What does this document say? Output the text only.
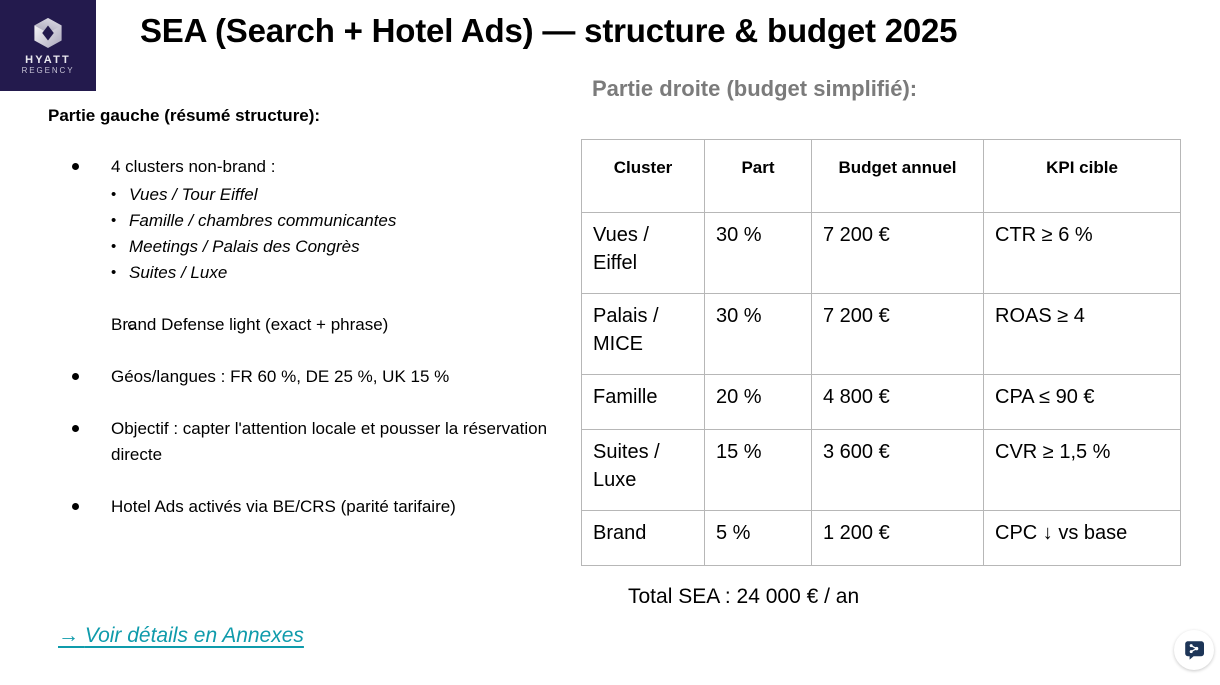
HYATT
REGENCY
SEA (Search + Hotel Ads) — structure & budget 2025
Partie gauche (résumé structure):
4 clusters non-brand :
• Vues / Tour Eiffel
• Famille / chambres communicantes
• Meetings / Palais des Congrès
• Suites / Luxe
Brand Defense light (exact + phrase)
Géos/langues : FR 60 %, DE 25 %, UK 15 %
Objectif : capter l'attention locale et pousser la réservation directe
Hotel Ads activés via BE/CRS (parité tarifaire)
→ Voir détails en Annexes
Partie droite (budget simplifié):
Cluster	Part	Budget annuel	KPI cible
Vues / Eiffel	30 %	7 200 €	CTR ≥ 6 %
Palais / MICE	30 %	7 200 €	ROAS ≥ 4
Famille	20 %	4 800 €	CPA ≤ 90 €
Suites / Luxe	15 %	3 600 €	CVR ≥ 1,5 %
Brand	5 %	1 200 €	CPC ↓ vs base
Total SEA : 24 000 € / an
